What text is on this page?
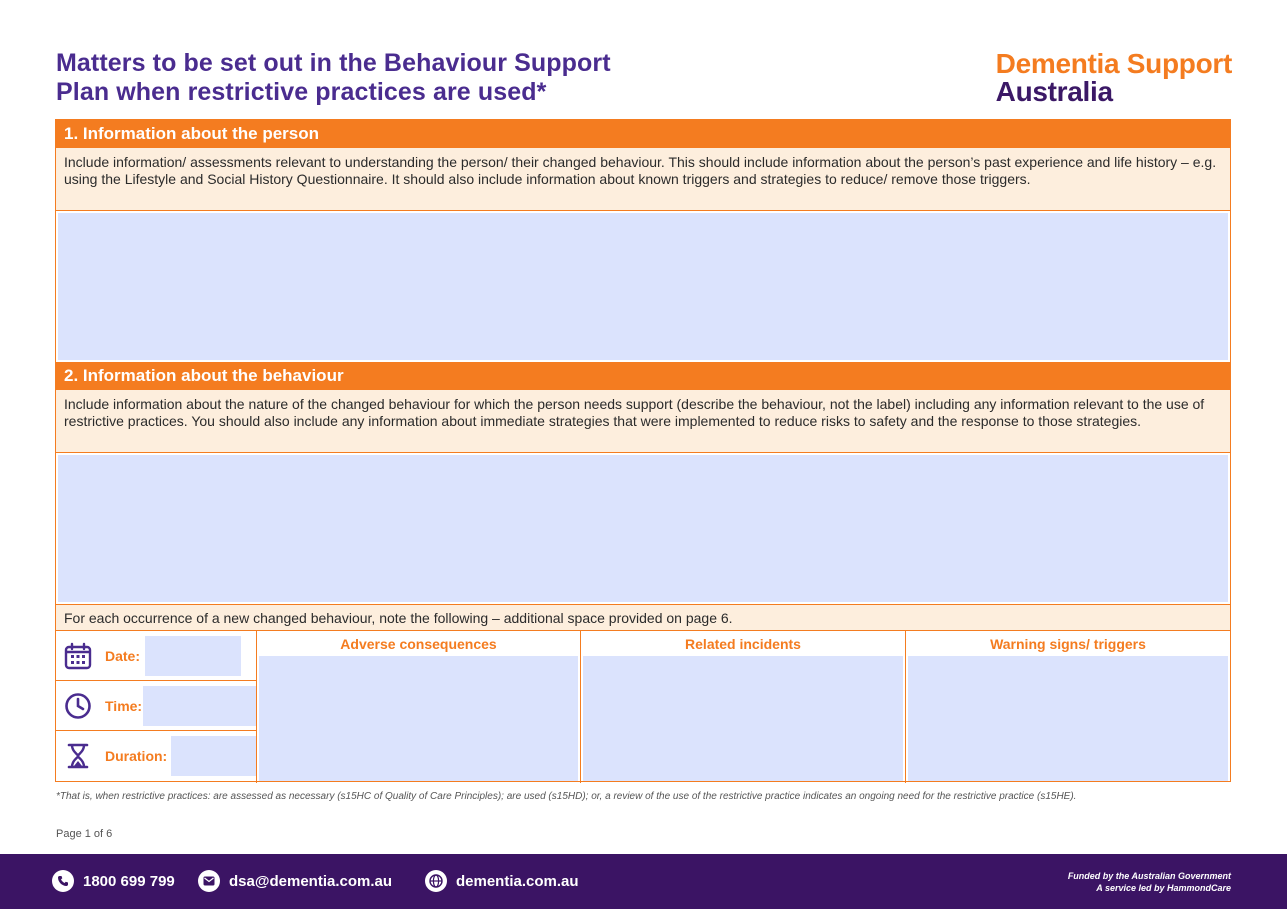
Matters to be set out in the Behaviour Support
Plan when restrictive practices are used*
Dementia Support
Australia
1. Information about the person
Include information/ assessments relevant to understanding the person/ their changed behaviour. This should include information about the person’s past experience and life history – e.g. using the Lifestyle and Social History Questionnaire. It should also include information about known triggers and strategies to reduce/ remove those triggers.
2. Information about the behaviour
Include information about the nature of the changed behaviour for which the person needs support (describe the behaviour, not the label) including any information relevant to the use of restrictive practices. You should also include any information about immediate strategies that were implemented to reduce risks to safety and the response to those strategies.
For each occurrence of a new changed behaviour, note the following – additional space provided on page 6.
Date:
Time:
Duration:
Adverse consequences	Related incidents	Warning signs/ triggers
*That is, when restrictive practices: are assessed as necessary (s15HC of Quality of Care Principles); are used (s15HD); or, a review of the use of the restrictive practice indicates an ongoing need for the restrictive practice (s15HE).
Page 1 of 6
1800 699 799	dsa@dementia.com.au	dementia.com.au	Funded by the Australian Government
A service led by HammondCare
